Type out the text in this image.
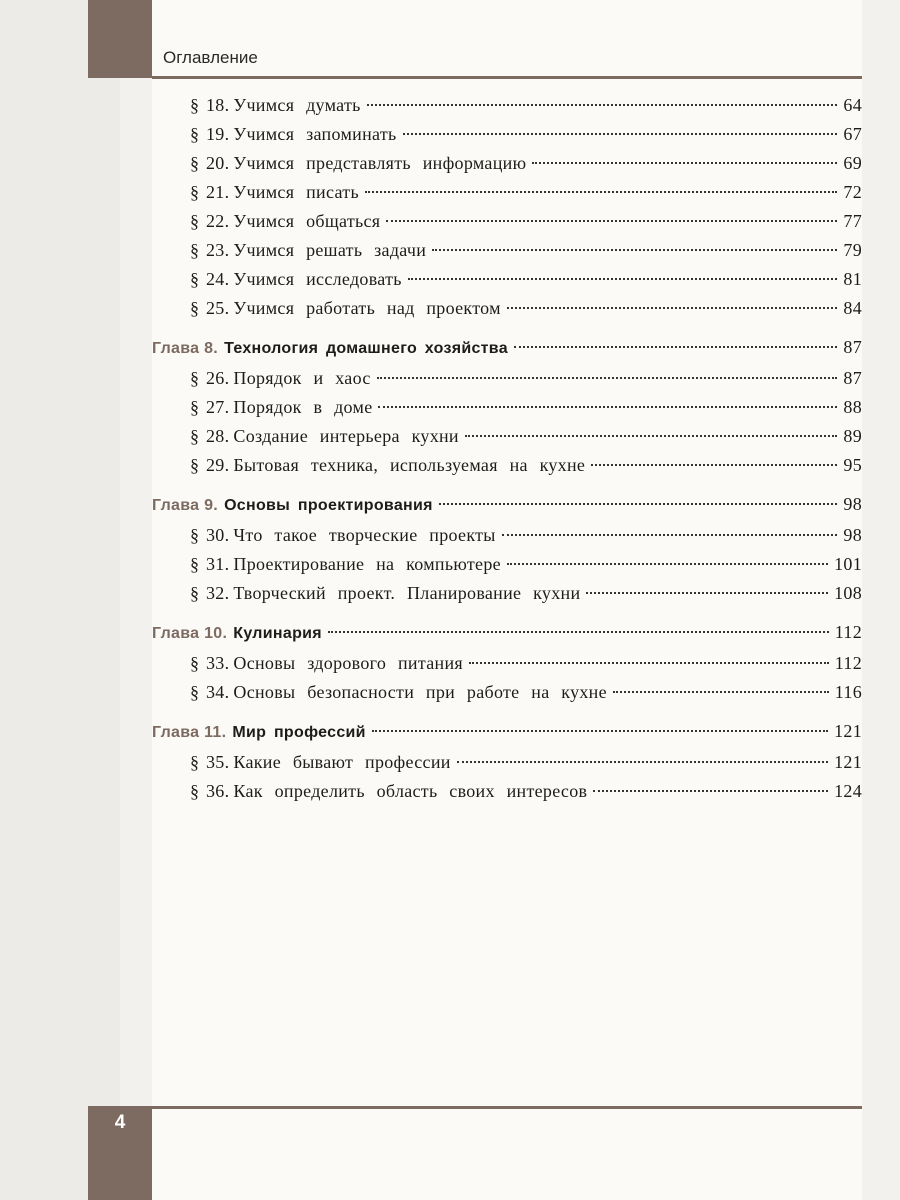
Оглавление
§ 18. Учимся думать	64
§ 19. Учимся запоминать	67
§ 20. Учимся представлять информацию	69
§ 21. Учимся писать	72
§ 22. Учимся общаться	77
§ 23. Учимся решать задачи	79
§ 24. Учимся исследовать	81
§ 25. Учимся работать над проектом	84
Глава 8. Технология домашнего хозяйства	87
§ 26. Порядок и хаос	87
§ 27. Порядок в доме	88
§ 28. Создание интерьера кухни	89
§ 29. Бытовая техника, используемая на кухне	95
Глава 9. Основы проектирования	98
§ 30. Что такое творческие проекты	98
§ 31. Проектирование на компьютере	101
§ 32. Творческий проект. Планирование кухни	108
Глава 10. Кулинария	112
§ 33. Основы здорового питания	112
§ 34. Основы безопасности при работе на кухне	116
Глава 11. Мир профессий	121
§ 35. Какие бывают профессии	121
§ 36. Как определить область своих интересов	124
4
